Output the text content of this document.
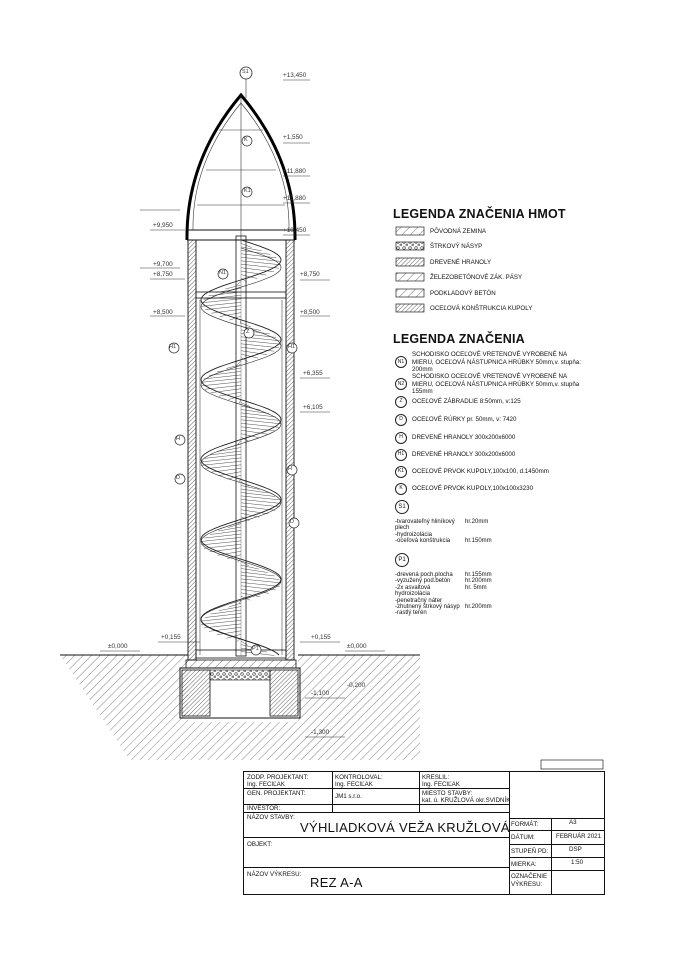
+13,450
+1,550
+11,880
+11,880
+10,450
+9,950
+9,700
+8,750	+8,750
+8,500	+8,500
+6,355
+6,105
+0,155	+0,155
±0,000	±0,000
-0,200
-1,100
-1,300
S1
K
K1
N1
Z
H1	H1
H
H
D
D
P1
LEGENDA ZNAČENIA HMOT
PÔVODNÁ ZEMINA
ŠTRKOVÝ NÁSYP
DREVENÉ HRANOLY
ŽELEZOBETÓNOVÉ ZÁK. PÁSY
PODKLADOVÝ BETÓN
OCEĽOVÁ KONŠTRUKCIA KUPOLY
LEGENDA ZNAČENIA
N1
SCHODISKO OCEĽOVÉ VRETENOVÉ VYROBENÉ NA MIERU, OCEĽOVÁ NÁSTUPNICA HRÚBKY 50mm,v. stupňa: 200mm
N2
SCHODISKO OCEĽOVÉ VRETENOVÉ VYROBENÉ NA MIERU, OCEĽOVÁ NÁSTUPNICA HRÚBKY 50mm,v. stupňa 155mm
Z	OCEĽOVÉ ZÁBRADLIE 8:50mm, v:125
D	OCEĽOVÉ RÚRKY pr. 50mm, v: 7420
H	DREVENÉ HRANOLY 300x200x6000
H1	DREVENÉ HRANOLY 300x200x6000
K1	OCEĽOVÉ PRVOK KUPOLY,100x100, d.1450mm
K	OCEĽOVÉ PRVOK KUPOLY,100x100x3230
S1
-tvarovateľný hliníkový plech
hr.20mm
-hydroizolácia
-oceľová konštrukcia	hr.150mm
P1
-drevená poch.plocha	hr.155mm
-vyzužený pod.betón	hr.200mm
-2x asvaltová hydroizolácia
hr. 5mm
-penetračný náter
-zhutnený štrkový násyp hr.200mm
-rastlý terén
ZODP. PROJEKTANT:
Ing. FECIĽAK
KONTROLOVAL:
Ing. FECIĽAK
KRESLIL:
Ing. FECIĽAK
GEN. PROJEKTANT:	JM1 s.r.o.	MIESTO STAVBY:
kat. ú. KRUŽLOVÁ okr.SVIDNÍK
INVESTOR:
NÁZOV STAVBY:
VÝHLIADKOVÁ VEŽA KRUŽLOVÁ
OBJEKT:
NÁZOV VÝKRESU:
REZ A-A
FORMÁT:	A3
DÁTUM:	FEBRUÁR 2021
STUPEŇ PD:	DSP
MIERKA:	1:50
OZNAČENIE
VÝKRESU:
